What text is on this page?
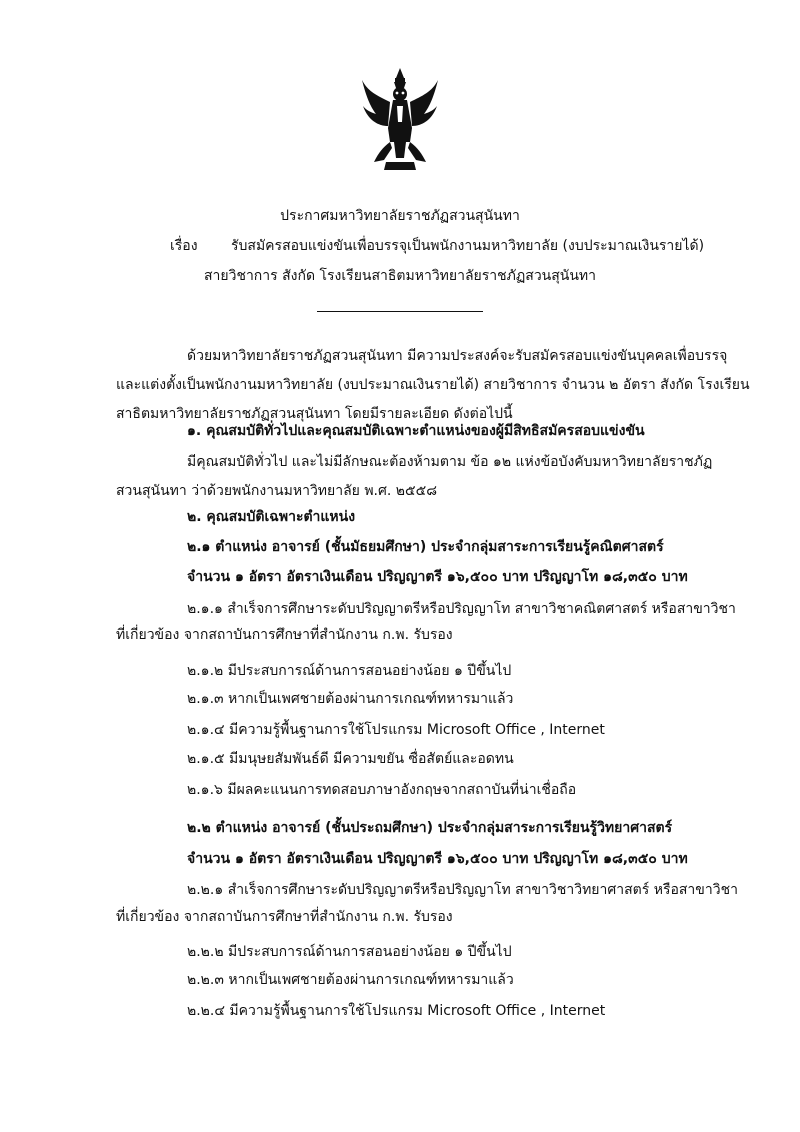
ประกาศมหาวิทยาลัยราชภัฏสวนสุนันทา
เรื่อง รับสมัครสอบแข่งขันเพื่อบรรจุเป็นพนักงานมหาวิทยาลัย (งบประมาณเงินรายได้)
สายวิชาการ สังกัด โรงเรียนสาธิตมหาวิทยาลัยราชภัฏสวนสุนันทา
ด้วยมหาวิทยาลัยราชภัฏสวนสุนันทา มีความประสงค์จะรับสมัครสอบแข่งขันบุคคลเพื่อบรรจุ
และแต่งตั้งเป็นพนักงานมหาวิทยาลัย (งบประมาณเงินรายได้) สายวิชาการ จำนวน ๒ อัตรา สังกัด โรงเรียน
สาธิตมหาวิทยาลัยราชภัฏสวนสุนันทา โดยมีรายละเอียด ดังต่อไปนี้
๑. คุณสมบัติทั่วไปและคุณสมบัติเฉพาะตำแหน่งของผู้มีสิทธิสมัครสอบแข่งขัน
มีคุณสมบัติทั่วไป และไม่มีลักษณะต้องห้ามตาม ข้อ ๑๒ แห่งข้อบังคับมหาวิทยาลัยราชภัฏ
สวนสุนันทา ว่าด้วยพนักงานมหาวิทยาลัย พ.ศ. ๒๕๕๘
๒. คุณสมบัติเฉพาะตำแหน่ง
๒.๑ ตำแหน่ง อาจารย์ (ชั้นมัธยมศึกษา) ประจำกลุ่มสาระการเรียนรู้คณิตศาสตร์
จำนวน ๑ อัตรา อัตราเงินเดือน ปริญญาตรี ๑๖,๕๐๐ บาท ปริญญาโท ๑๘,๓๕๐ บาท
๒.๑.๑ สำเร็จการศึกษาระดับปริญญาตรีหรือปริญญาโท สาขาวิชาคณิตศาสตร์ หรือสาขาวิชา
ที่เกี่ยวข้อง จากสถาบันการศึกษาที่สำนักงาน ก.พ. รับรอง
๒.๑.๒ มีประสบการณ์ด้านการสอนอย่างน้อย ๑ ปีขึ้นไป
๒.๑.๓ หากเป็นเพศชายต้องผ่านการเกณฑ์ทหารมาแล้ว
๒.๑.๔ มีความรู้พื้นฐานการใช้โปรแกรม Microsoft Office , Internet
๒.๑.๕ มีมนุษยสัมพันธ์ดี มีความขยัน ซื่อสัตย์และอดทน
๒.๑.๖ มีผลคะแนนการทดสอบภาษาอังกฤษจากสถาบันที่น่าเชื่อถือ
๒.๒ ตำแหน่ง อาจารย์ (ชั้นประถมศึกษา) ประจำกลุ่มสาระการเรียนรู้วิทยาศาสตร์
จำนวน ๑ อัตรา อัตราเงินเดือน ปริญญาตรี ๑๖,๕๐๐ บาท ปริญญาโท ๑๘,๓๕๐ บาท
๒.๒.๑ สำเร็จการศึกษาระดับปริญญาตรีหรือปริญญาโท สาขาวิชาวิทยาศาสตร์ หรือสาขาวิชา
ที่เกี่ยวข้อง จากสถาบันการศึกษาที่สำนักงาน ก.พ. รับรอง
๒.๒.๒ มีประสบการณ์ด้านการสอนอย่างน้อย ๑ ปีขึ้นไป
๒.๒.๓ หากเป็นเพศชายต้องผ่านการเกณฑ์ทหารมาแล้ว
๒.๒.๔ มีความรู้พื้นฐานการใช้โปรแกรม Microsoft Office , Internet
